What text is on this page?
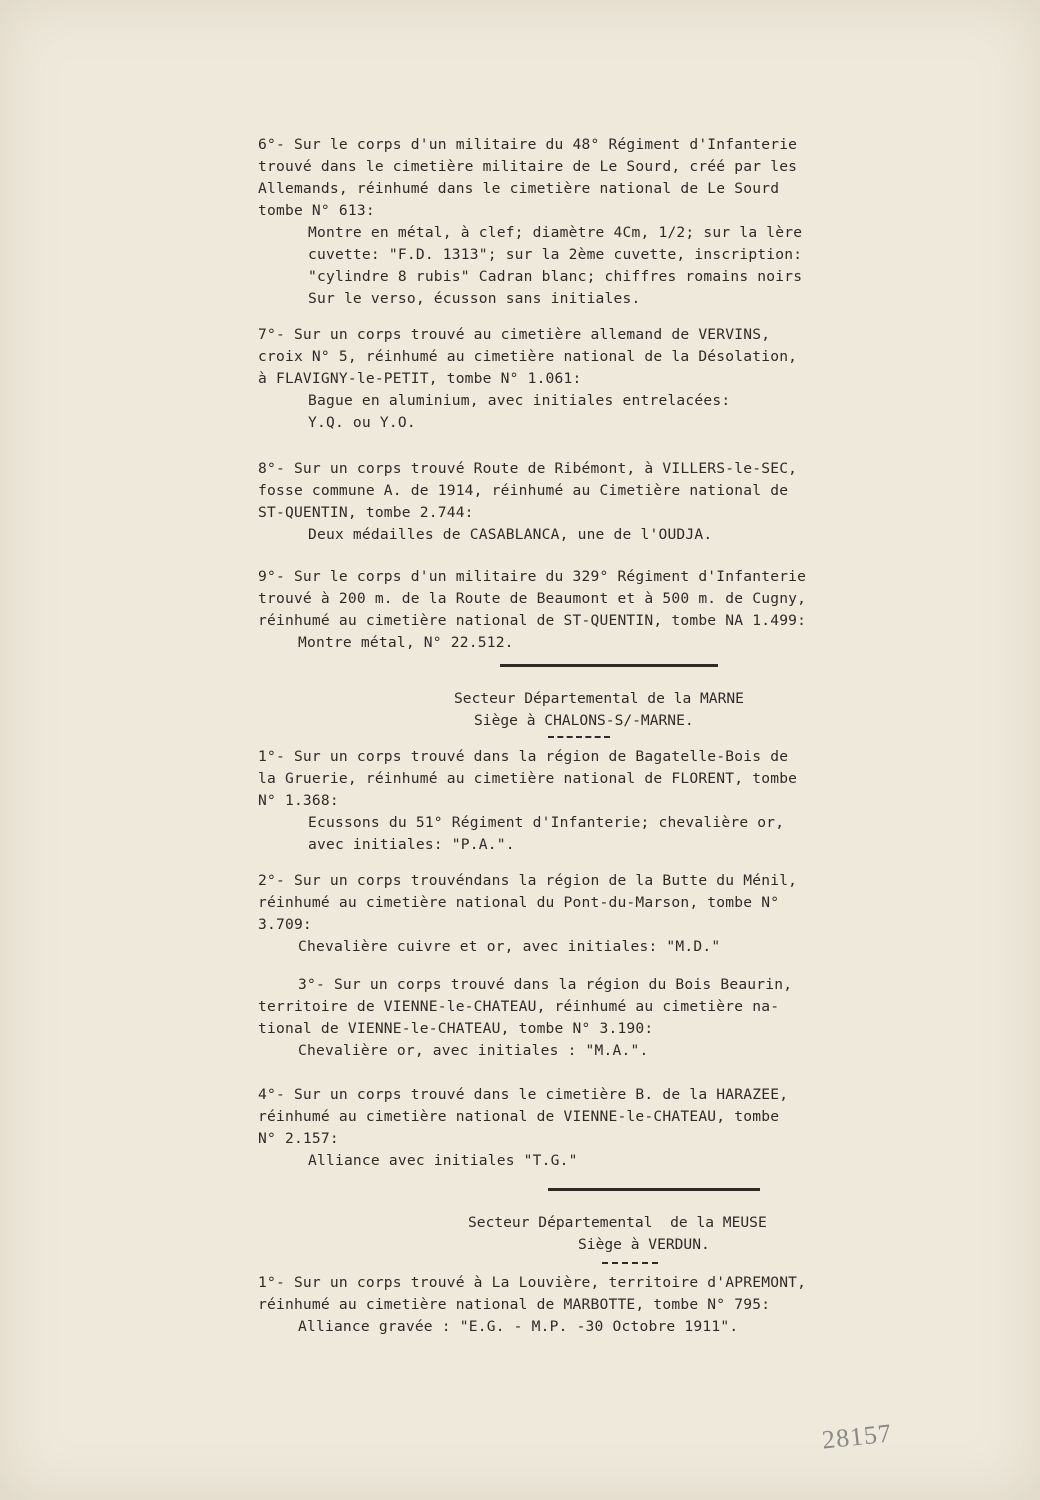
6°- Sur le corps d'un militaire du 48° Régiment d'Infanterie
trouvé dans le cimetière militaire de Le Sourd, créé par les
Allemands, réinhumé dans le cimetière national de Le Sourd
tombe N° 613:
Montre en métal, à clef; diamètre 4Cm, 1/2; sur la lère
cuvette: "F.D. 1313"; sur la 2ème cuvette, inscription:
"cylindre 8 rubis" Cadran blanc; chiffres romains noirs
Sur le verso, écusson sans initiales.
7°- Sur un corps trouvé au cimetière allemand de VERVINS,
croix N° 5, réinhumé au cimetière national de la Désolation,
à FLAVIGNY-le-PETIT, tombe N° 1.061:
Bague en aluminium, avec initiales entrelacées:
Y.Q. ou Y.O.
8°- Sur un corps trouvé Route de Ribémont, à VILLERS-le-SEC,
fosse commune A. de 1914, réinhumé au Cimetière national de
ST-QUENTIN, tombe 2.744:
Deux médailles de CASABLANCA, une de l'OUDJA.
9°- Sur le corps d'un militaire du 329° Régiment d'Infanterie
trouvé à 200 m. de la Route de Beaumont et à 500 m. de Cugny,
réinhumé au cimetière national de ST-QUENTIN, tombe NA 1.499:
Montre métal, N° 22.512.
Secteur Départemental de la MARNE
Siège à CHALONS-S/-MARNE.
1°- Sur un corps trouvé dans la région de Bagatelle-Bois de
la Gruerie, réinhumé au cimetière national de FLORENT, tombe
N° 1.368:
Ecussons du 51° Régiment d'Infanterie; chevalière or,
avec initiales: "P.A.".
2°- Sur un corps trouvéndans la région de la Butte du Ménil,
réinhumé au cimetière national du Pont-du-Marson, tombe N°
3.709:
Chevalière cuivre et or, avec initiales: "M.D."
3°- Sur un corps trouvé dans la région du Bois Beaurin,
territoire de VIENNE-le-CHATEAU, réinhumé au cimetière na-
tional de VIENNE-le-CHATEAU, tombe N° 3.190:
Chevalière or, avec initiales : "M.A.".
4°- Sur un corps trouvé dans le cimetière B. de la HARAZEE,
réinhumé au cimetière national de VIENNE-le-CHATEAU, tombe
N° 2.157:
Alliance avec initiales "T.G."
Secteur Départemental  de la MEUSE
Siège à VERDUN.
1°- Sur un corps trouvé à La Louvière, territoire d'APREMONT,
réinhumé au cimetière national de MARBOTTE, tombe N° 795:
Alliance gravée : "E.G. - M.P. -30 Octobre 1911".
28157
